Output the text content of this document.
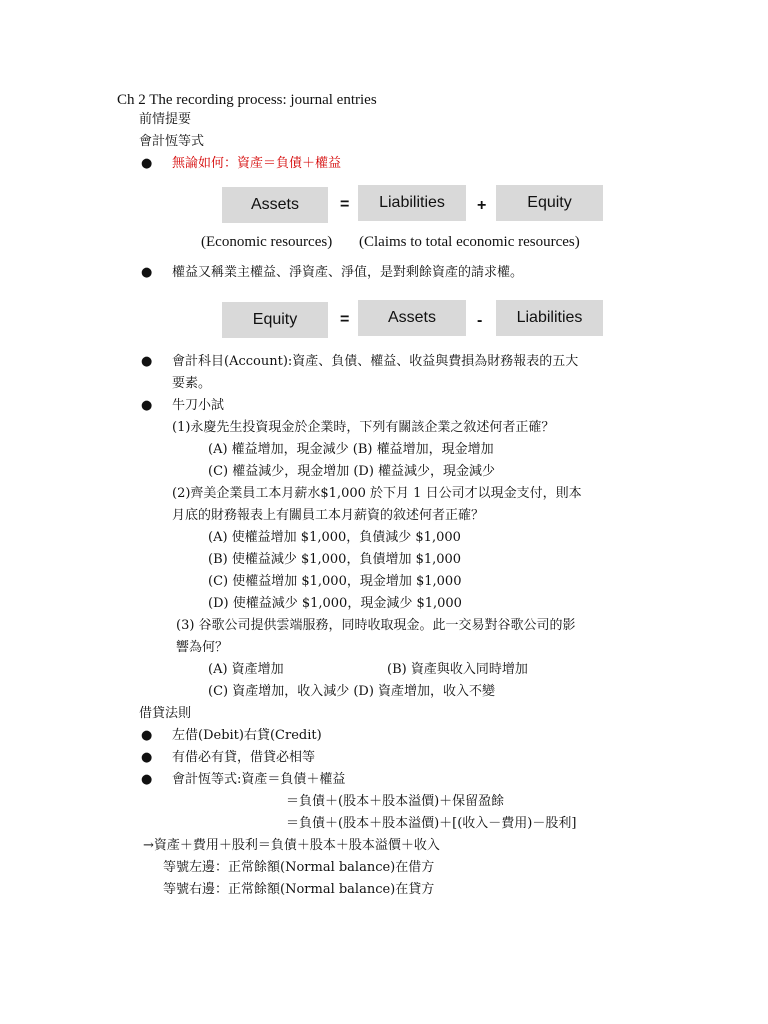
Ch 2 The recording process: journal entries
前情提要
會計恆等式
● 無論如何：資產＝負債＋權益
Assets	=	Liabilities	+	Equity
(Economic resources) (Claims to total economic resources)
● 權益又稱業主權益、淨資產、淨值，是對剩餘資產的請求權。
Equity	=	Assets	-	Liabilities
● 會計科目(Account):資產、負債、權益、收益與費損為財務報表的五大
要素。
● 牛刀小試
(1)永慶先生投資現金於企業時，下列有關該企業之敘述何者正確？
(A) 權益增加，現金減少 (B) 權益增加，現金增加
(C) 權益減少，現金增加 (D) 權益減少，現金減少
(2)齊美企業員工本月薪水$1,000 於下月 1 日公司才以現金支付，則本
月底的財務報表上有關員工本月薪資的敘述何者正確？
(A) 使權益增加 $1,000，負債減少 $1,000
(B) 使權益減少 $1,000，負債增加 $1,000
(C) 使權益增加 $1,000，現金增加 $1,000
(D) 使權益減少 $1,000，現金減少 $1,000
(3) 谷歌公司提供雲端服務，同時收取現金。此一交易對谷歌公司的影
響為何？
(A) 資產增加	(B) 資產與收入同時增加
(C) 資產增加，收入減少 (D) 資產增加，收入不變
借貸法則
● 左借(Debit)右貸(Credit)
● 有借必有貸，借貸必相等
● 會計恆等式:資產＝負債＋權益
＝負債＋(股本＋股本溢價)＋保留盈餘
＝負債＋(股本＋股本溢價)＋[(收入－費用)－股利]
→資產＋費用＋股利＝負債＋股本＋股本溢價＋收入
等號左邊：正常餘額(Normal balance)在借方
等號右邊：正常餘額(Normal balance)在貸方
